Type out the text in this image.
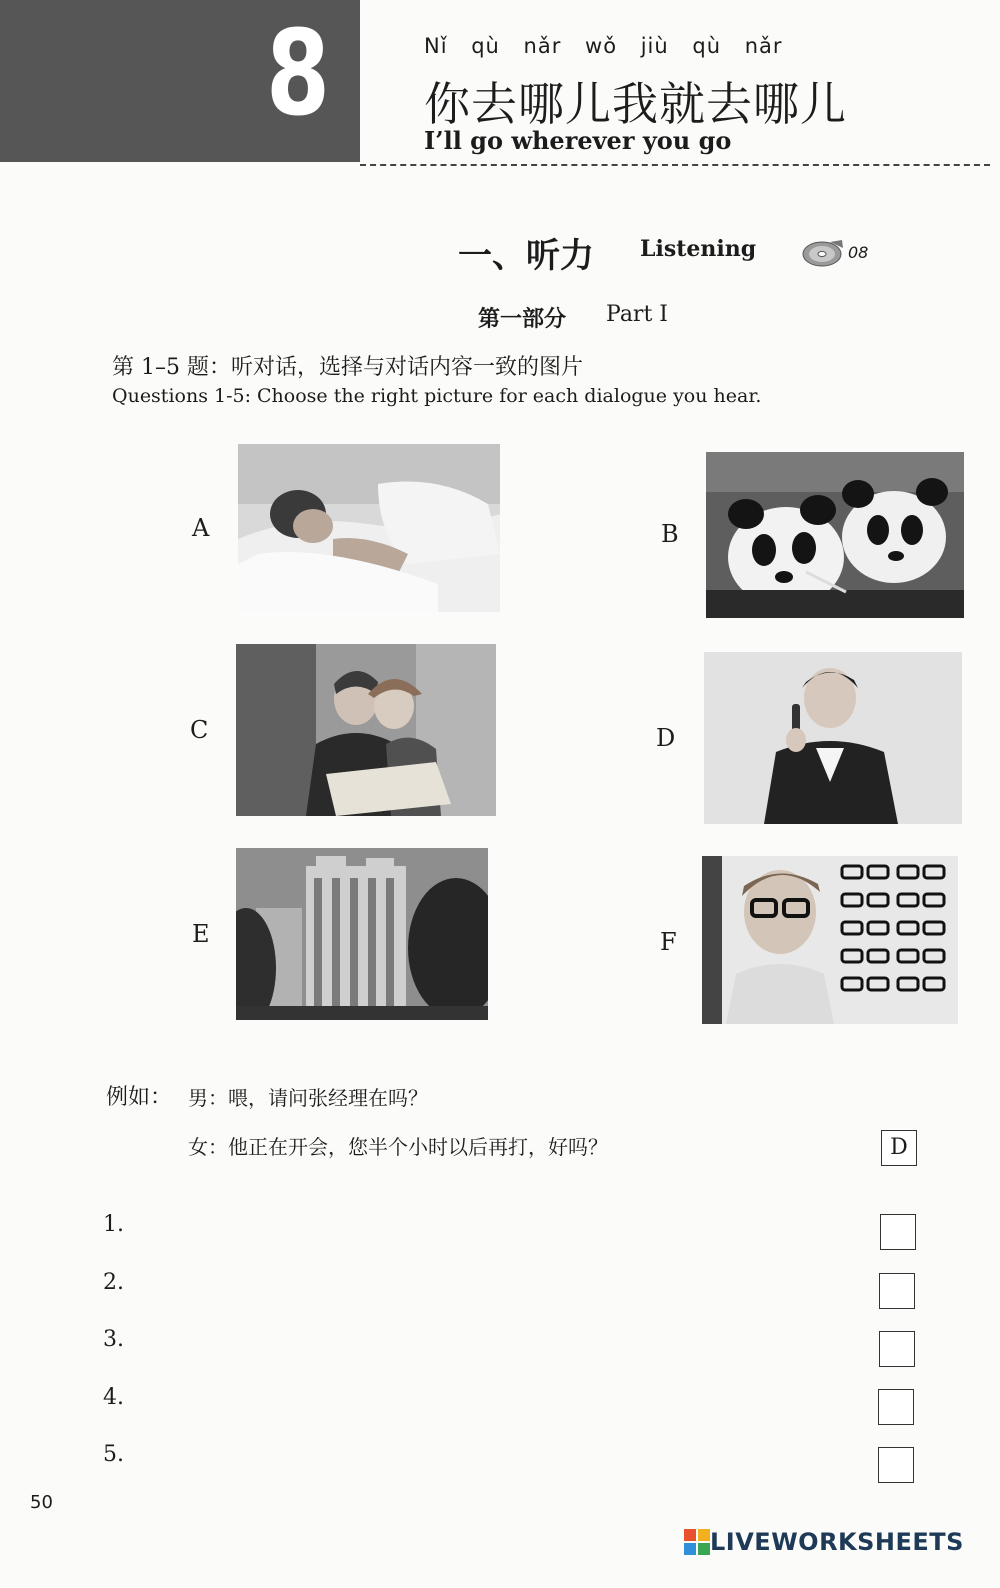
8	Nǐ qù nǎr wǒ jiù qù nǎr
你去哪儿我就去哪儿
I’ll go wherever you go
一、听力 Listening	08
第一部分 Part Ⅰ
第 1–5 题：听对话，选择与对话内容一致的图片
Questions 1-5: Choose the right picture for each dialogue you hear.
A	B
C	D
E	F
例如： 男：喂，请问张经理在吗？
女：他正在开会，您半个小时以后再打，好吗？	D
1.
2.
3.
4.
5.
50
LIVEWORKSHEETS
